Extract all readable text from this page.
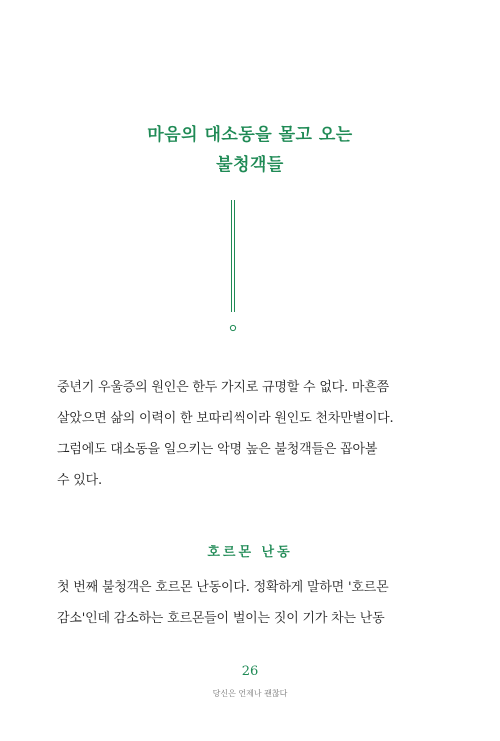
마음의 대소동을 몰고 오는
불청객들

중년기 우울증의 원인은 한두 가지로 규명할 수 없다. 마흔쯤
살았으면 삶의 이력이 한 보따리씩이라 원인도 천차만별이다.
그럼에도 대소동을 일으키는 악명 높은 불청객들은 꼽아볼
수 있다.

호르몬 난동

첫 번째 불청객은 호르몬 난동이다. 정확하게 말하면 '호르몬
감소'인데 감소하는 호르몬들이 벌이는 짓이 기가 차는 난동

26
당신은 언제나 괜찮다
